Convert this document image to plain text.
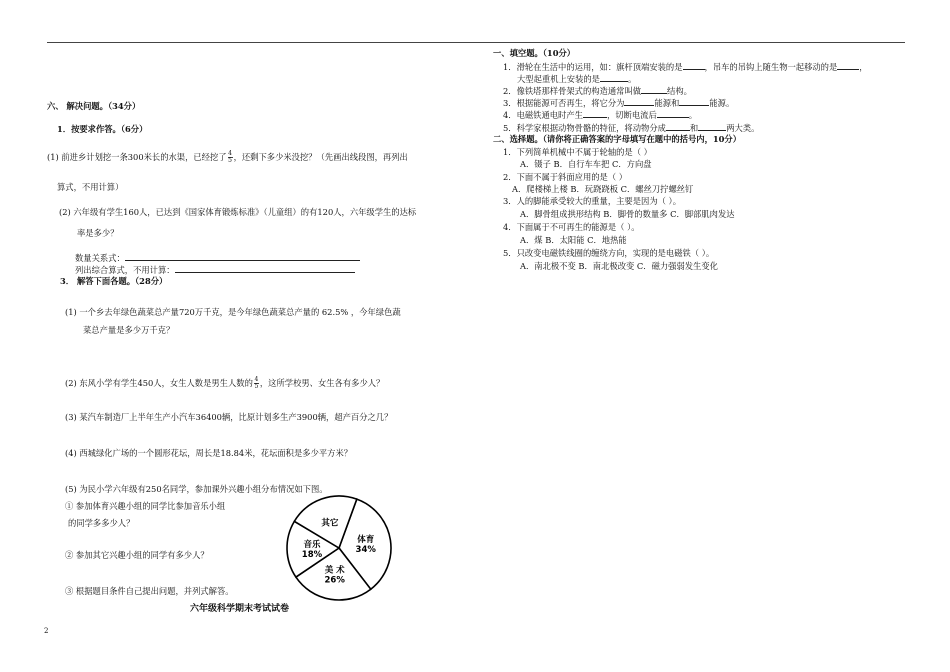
六、 解决问题。（34分）
1．按要求作答。（6分）
(1) 前进乡计划挖一条300米长的水渠，已经挖了 $\frac{4}{5}$ ，还剩下多少米没挖？（先画出线段图，再列出
算式，不用计算）
(2) 六年级有学生160人，已达到《国家体育锻炼标准》（儿童组）的有120人，六年级学生的达标
率是多少？
数量关系式：
列出综合算式，不用计算：
3． 解答下面各题。（28分）
(1) 一个乡去年绿色蔬菜总产量720万千克，是今年绿色蔬菜总产量的 62.5% ，今年绿色蔬
菜总产量是多少万千克？
(2) 东风小学有学生450人，女生人数是男生人数的 $\frac{4}{5}$ ，这所学校男、女生各有多少人？
(3) 某汽车制造厂上半年生产小汽车36400辆，比原计划多生产3900辆，超产百分之几？
(4) 西城绿化广场的一个圆形花坛，周长是18.84米，花坛面积是多少平方米？
(5) 为民小学六年级有250名同学，参加课外兴趣小组分布情况如下图。
① 参加体育兴趣小组的同学比参加音乐小组
的同学多多少人？
② 参加其它兴趣小组的同学有多少人？
③ 根据题目条件自己提出问题，并列式解答。
体育
34%
美 术
26%
音乐
18%
其它
六年级科学期末考试试卷
2
一、填空题。（10分）
1．滑轮在生活中的运用，如：旗杆顶端安装的是	，吊车的吊钩上随生物一起移动的是	，
大型起重机上安装的是	。
2．像铁塔那样骨架式的构造通常叫做	结构。
3．根据能源可否再生，将它分为	能源和	能源。
4．电磁铁通电时产生	，切断电流后	。
5．科学家根据动物骨骼的特征，将动物分成	和	两大类。
二、选择题。（请你将正确答案的字母填写在题中的括号内，10分）
1．下列简单机械中不属于轮轴的是（ ）
A．镊子 B．自行车车把 C．方向盘
2．下面不属于斜面应用的是（ ）
A．爬楼梯上楼 B．玩跷跷板 C．螺丝刀拧螺丝钉
3．人的脚能承受较大的重量，主要是因为（ ）。
A．脚骨组成拱形结构 B．脚骨的数量多 C．脚部肌肉发达
4．下面属于不可再生的能源是（ ）。
A．煤 B．太阳能 C．地热能
5．只改变电磁铁线圈的缠绕方向，实现的是电磁铁（ ）。
A．南北极不变 B．南北极改变 C．磁力强弱发生变化
